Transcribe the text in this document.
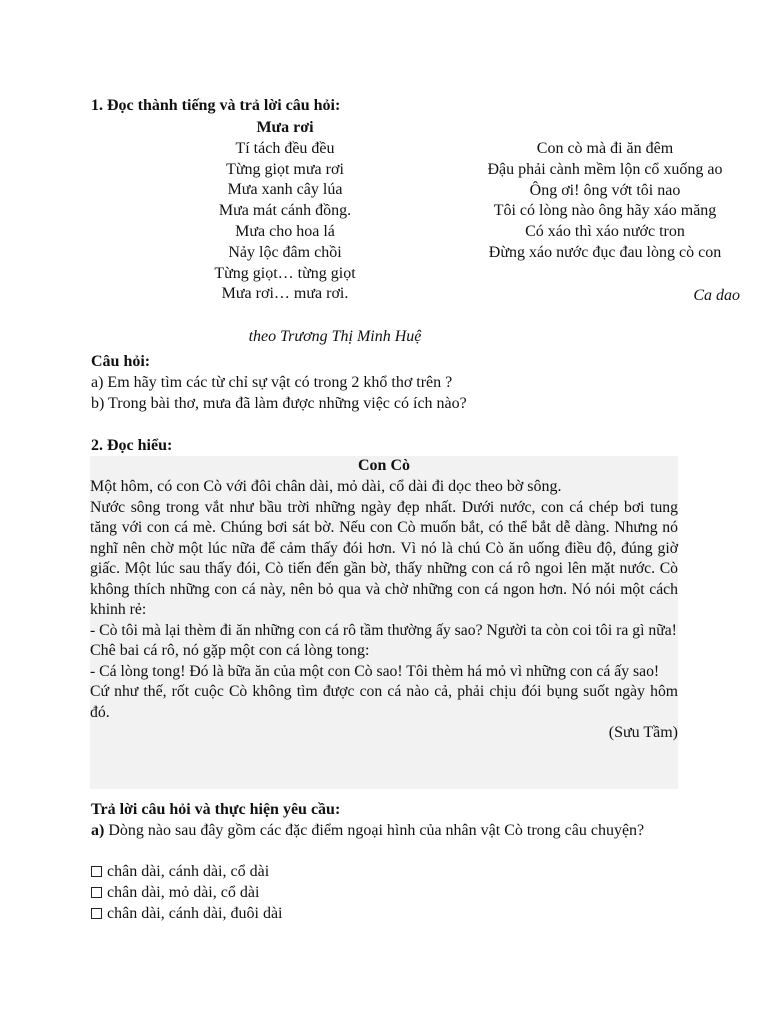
1. Đọc thành tiếng và trả lời câu hỏi:
Mưa rơi
Tí tách đều đều
Từng giọt mưa rơi
Mưa xanh cây lúa
Mưa mát cánh đồng.
Mưa cho hoa lá
Nảy lộc đâm chồi
Từng giọt… từng giọt
Mưa rơi… mưa rơi.
theo Trương Thị Minh Huệ
Con cò mà đi ăn đêm
Đậu phải cành mềm lộn cổ xuống ao
Ông ơi! ông vớt tôi nao
Tôi có lòng nào ông hãy xáo măng
Có xáo thì xáo nước tron
Đừng xáo nước đục đau lòng cò con
Ca dao
Câu hỏi:
a) Em hãy tìm các từ chỉ sự vật có trong 2 khổ thơ trên ?
b) Trong bài thơ, mưa đã làm được những việc có ích nào?
2. Đọc hiểu:
Con Cò
Một hôm, có con Cò với đôi chân dài, mỏ dài, cổ dài đi dọc theo bờ sông.
Nước sông trong vắt như bầu trời những ngày đẹp nhất. Dưới nước, con cá chép bơi tung tăng với con cá mè. Chúng bơi sát bờ. Nếu con Cò muốn bắt, có thể bắt dễ dàng. Nhưng nó nghĩ nên chờ một lúc nữa để cảm thấy đói hơn. Vì nó là chú Cò ăn uống điều độ, đúng giờ giấc. Một lúc sau thấy đói, Cò tiến đến gần bờ, thấy những con cá rô ngoi lên mặt nước. Cò không thích những con cá này, nên bỏ qua và chờ những con cá ngon hơn. Nó nói một cách khinh rẻ:
- Cò tôi mà lại thèm đi ăn những con cá rô tầm thường ấy sao? Người ta còn coi tôi ra gì nữa!
Chê bai cá rô, nó gặp một con cá lòng tong:
- Cá lòng tong! Đó là bữa ăn của một con Cò sao! Tôi thèm há mỏ vì những con cá ấy sao!
Cứ như thế, rốt cuộc Cò không tìm được con cá nào cả, phải chịu đói bụng suốt ngày hôm đó.
(Sưu Tầm)
Trả lời câu hỏi và thực hiện yêu cầu:
a) Dòng nào sau đây gồm các đặc điểm ngoại hình của nhân vật Cò trong câu chuyện?
chân dài, cánh dài, cổ dài
chân dài, mỏ dài, cổ dài
chân dài, cánh dài, đuôi dài
